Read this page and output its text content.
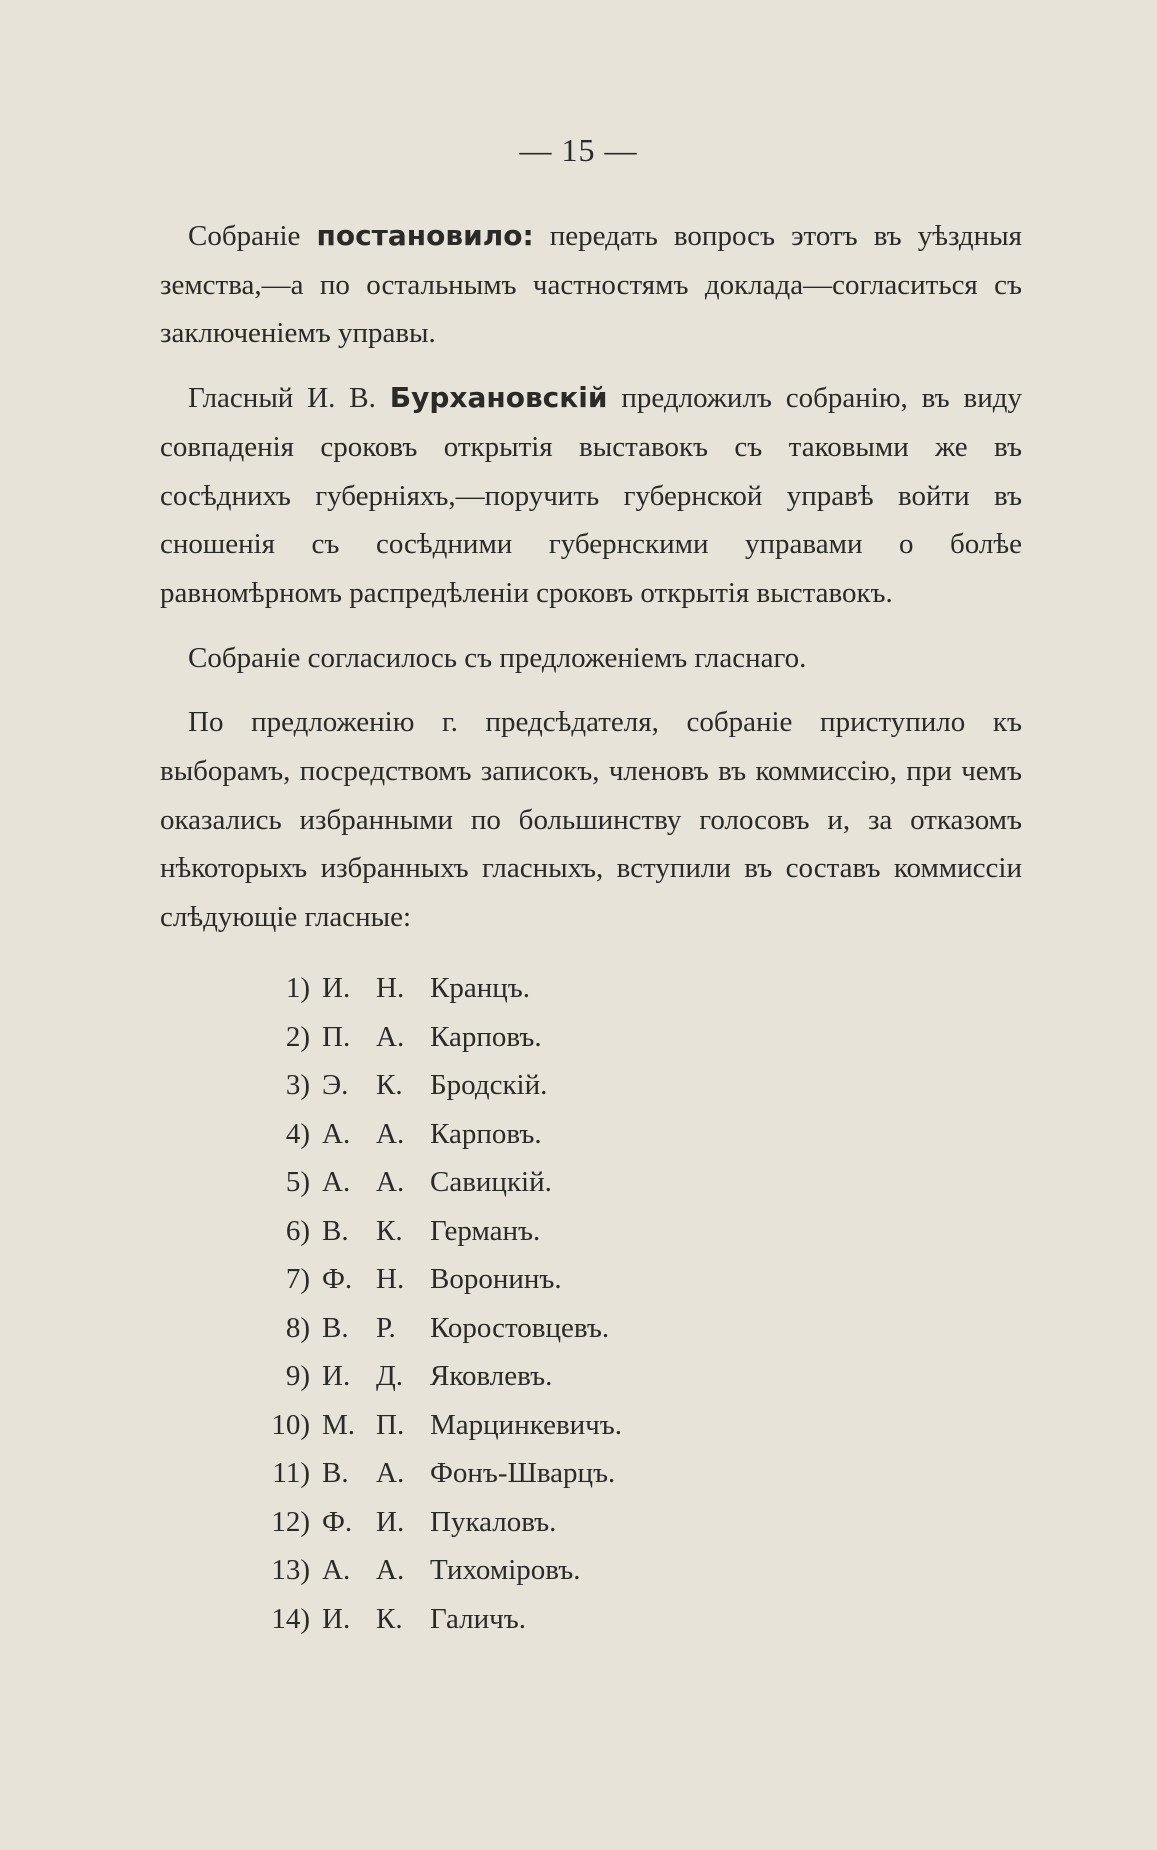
— 15 —

Собраніе постановило: передать вопросъ этотъ въ уѣздныя земства,—а по остальнымъ частностямъ доклада—согласиться съ заключеніемъ управы.

Гласный И. В. Бурхановскій предложилъ собранію, въ виду совпаденія сроковъ открытія выставокъ съ таковыми же въ сосѣднихъ губерніяхъ,—поручить губернской управѣ войти въ сношенія съ сосѣдними губернскими управами о болѣе равномѣрномъ распредѣленіи сроковъ открытія выставокъ.

Собраніе согласилось съ предложеніемъ гласнаго.

По предложенію г. предсѣдателя, собраніе приступило къ выборамъ, посредствомъ записокъ, членовъ въ коммиссію, при чемъ оказались избранными по большинству голосовъ и, за отказомъ нѣкоторыхъ избранныхъ гласныхъ, вступили въ составъ коммиссіи слѣдующіе гласные:

1) И. Н. Кранцъ.
2) П. А. Карповъ.
3) Э. К. Бродскій.
4) А. А. Карповъ.
5) А. А. Савицкій.
6) В. К. Германъ.
7) Ф. Н. Воронинъ.
8) В. Р.	Коростовцевъ.
9) И. Д. Яковлевъ.
10) М. П. Марцинкевичъ.
11) В. А. Фонъ-Шварцъ.
12) Ф. И. Пукаловъ.
13) А. А. Тихоміровъ.
14) И. К. Галичъ.
